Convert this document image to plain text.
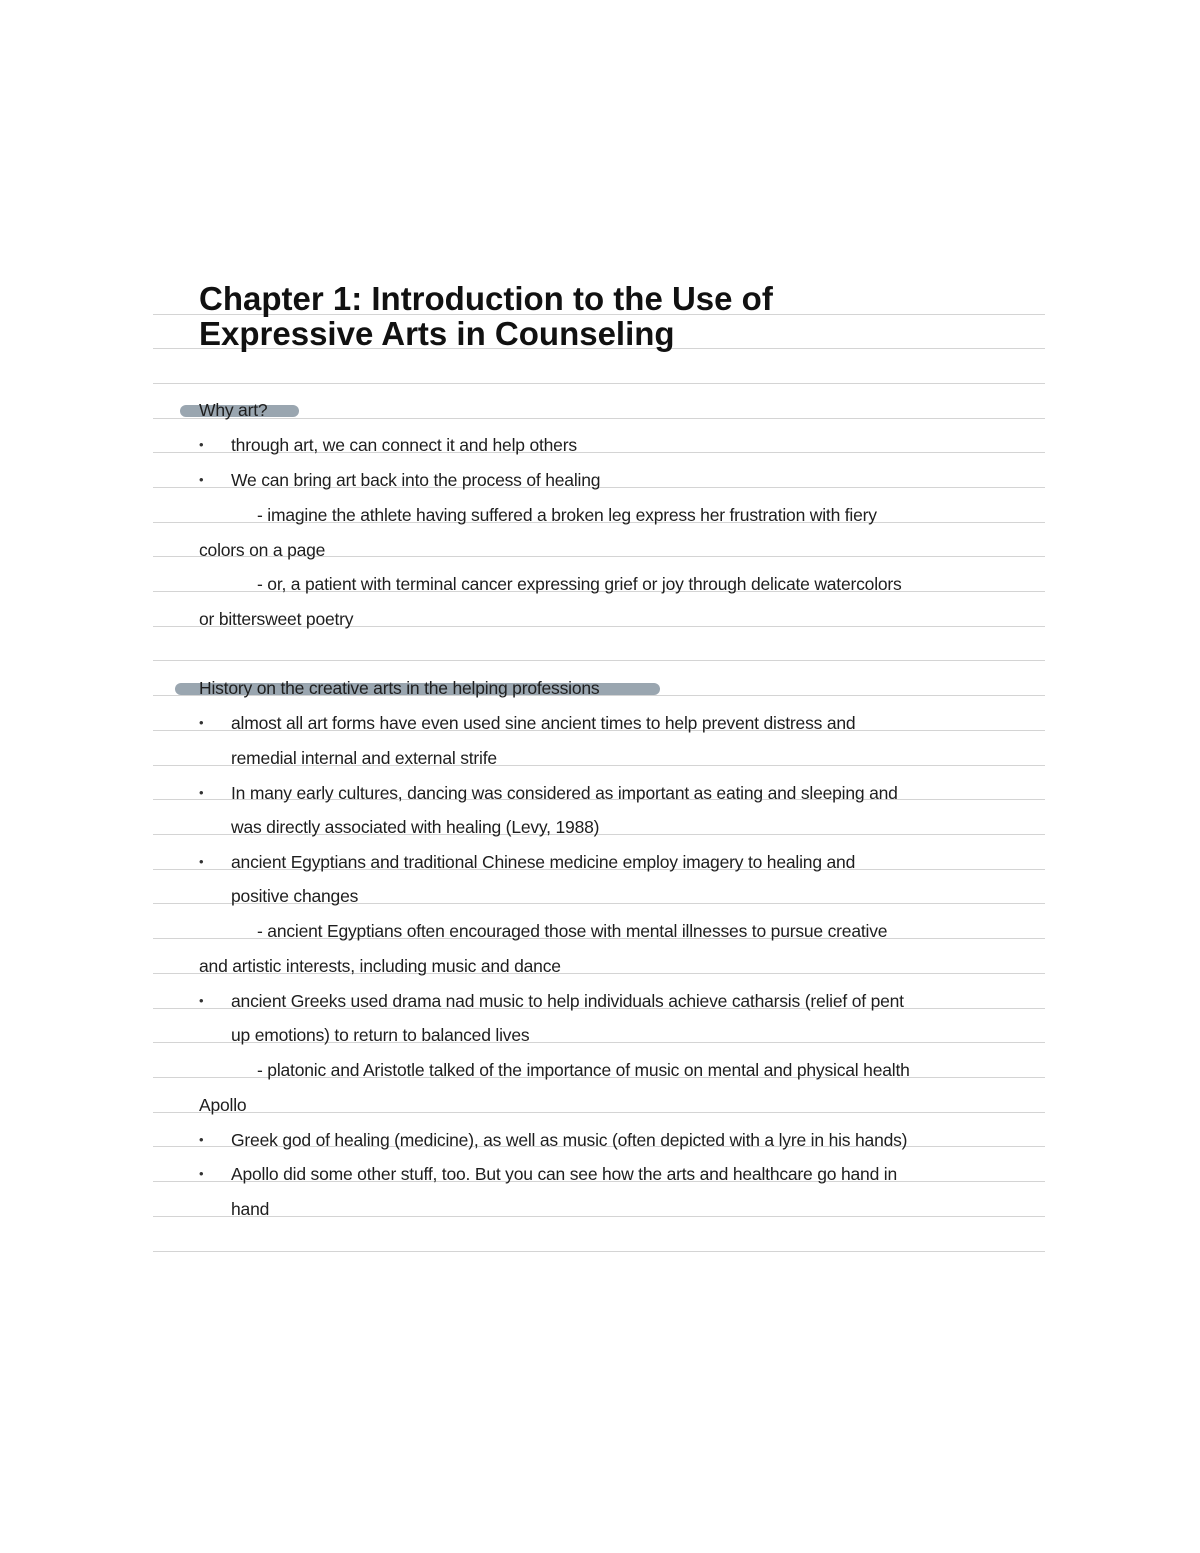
Chapter 1: Introduction to the Use of
Expressive Arts in Counseling
Why art?
• through art, we can connect it and help others
• We can bring art back into the process of healing
- imagine the athlete having suffered a broken leg express her frustration with fiery
colors on a page
- or, a patient with terminal cancer expressing grief or joy through delicate watercolors
or bittersweet poetry
History on the creative arts in the helping professions
• almost all art forms have even used sine ancient times to help prevent distress and
remedial internal and external strife
• In many early cultures, dancing was considered as important as eating and sleeping and
was directly associated with healing (Levy, 1988)
• ancient Egyptians and traditional Chinese medicine employ imagery to healing and
positive changes
- ancient Egyptians often encouraged those with mental illnesses to pursue creative
and artistic interests, including music and dance
• ancient Greeks used drama nad music to help individuals achieve catharsis (relief of pent
up emotions) to return to balanced lives
- platonic and Aristotle talked of the importance of music on mental and physical health
Apollo
• Greek god of healing (medicine), as well as music (often depicted with a lyre in his hands)
• Apollo did some other stuff, too. But you can see how the arts and healthcare go hand in
hand
